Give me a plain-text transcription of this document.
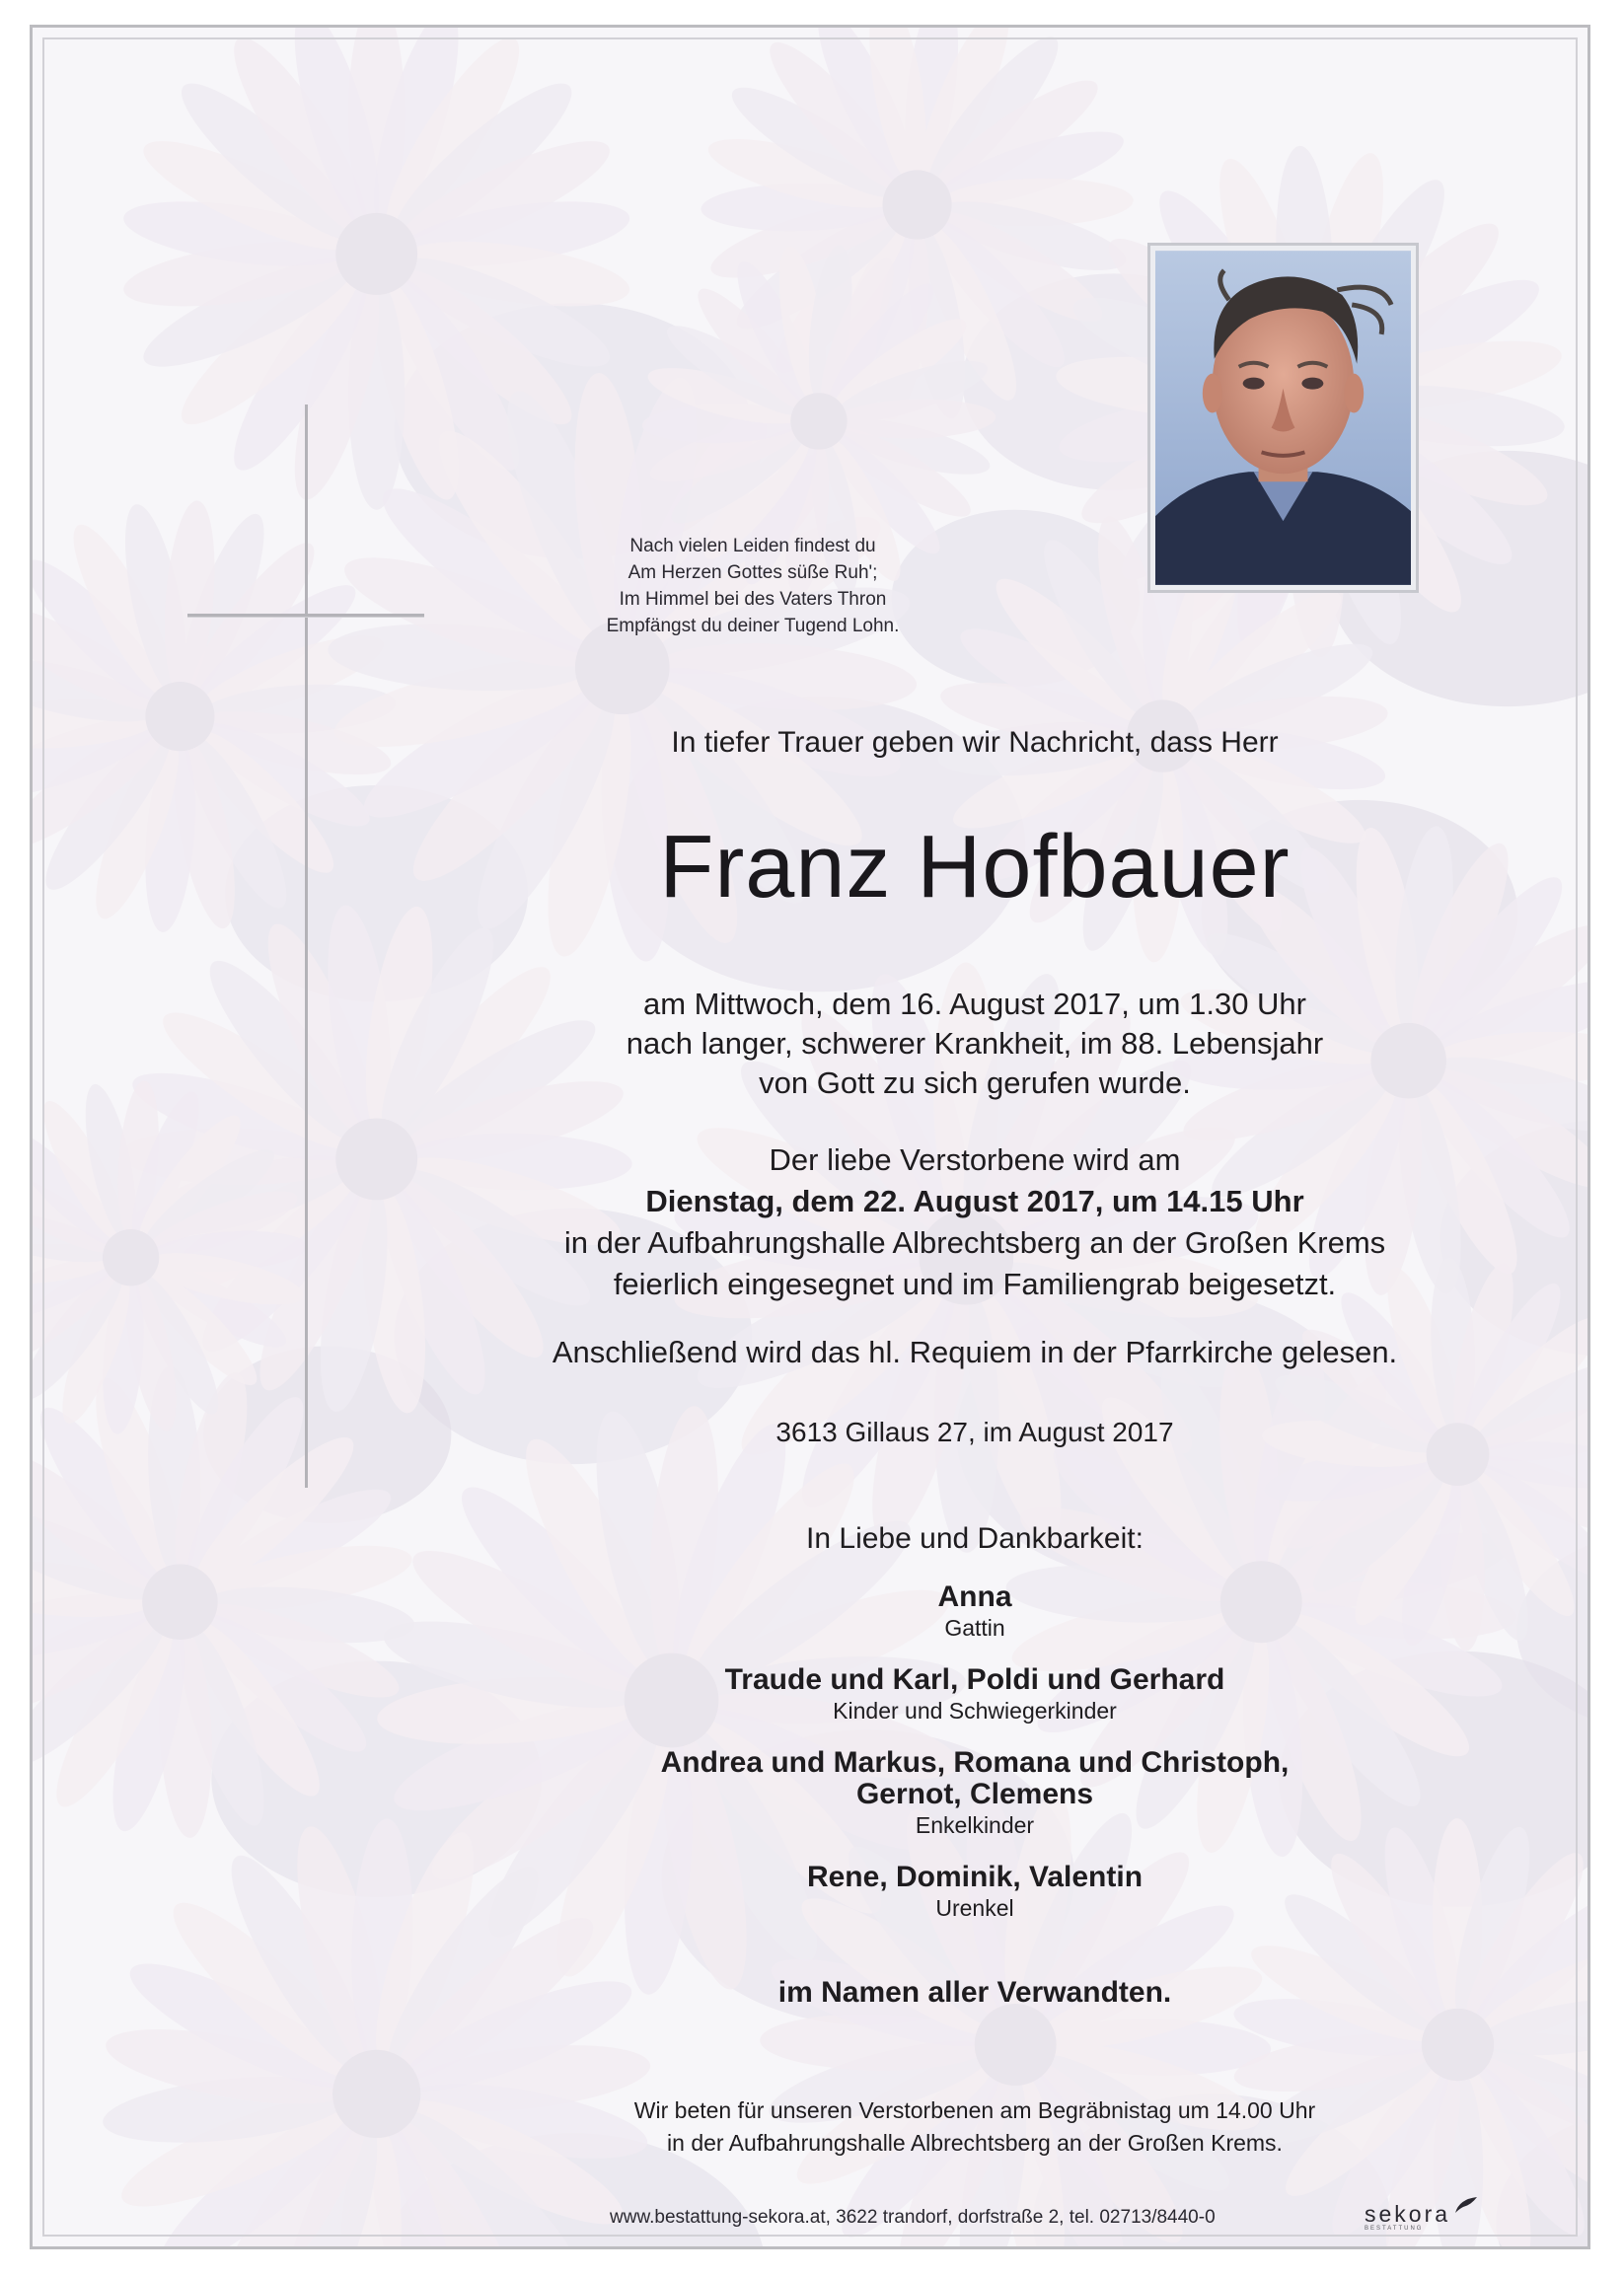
Nach vielen Leiden findest du
Am Herzen Gottes süße Ruh';
Im Himmel bei des Vaters Thron
Empfängst du deiner Tugend Lohn.
In tiefer Trauer geben wir Nachricht, dass Herr
Franz Hofbauer
am Mittwoch, dem 16. August 2017, um 1.30 Uhr
nach langer, schwerer Krankheit, im 88. Lebensjahr
von Gott zu sich gerufen wurde.
Der liebe Verstorbene wird am
Dienstag, dem 22. August 2017, um 14.15 Uhr
in der Aufbahrungshalle Albrechtsberg an der Großen Krems
feierlich eingesegnet und im Familiengrab beigesetzt.
Anschließend wird das hl. Requiem in der Pfarrkirche gelesen.
3613 Gillaus 27, im August 2017
In Liebe und Dankbarkeit:
Anna
Gattin
Traude und Karl, Poldi und Gerhard
Kinder und Schwiegerkinder
Andrea und Markus, Romana und Christoph,
Gernot, Clemens
Enkelkinder
Rene, Dominik, Valentin
Urenkel
im Namen aller Verwandten.
Wir beten für unseren Verstorbenen am Begräbnistag um 14.00 Uhr
in der Aufbahrungshalle Albrechtsberg an der Großen Krems.
www.bestattung-sekora.at, 3622 trandorf, dorfstraße 2, tel. 02713/8440-0	sekora
BESTATTUNG
